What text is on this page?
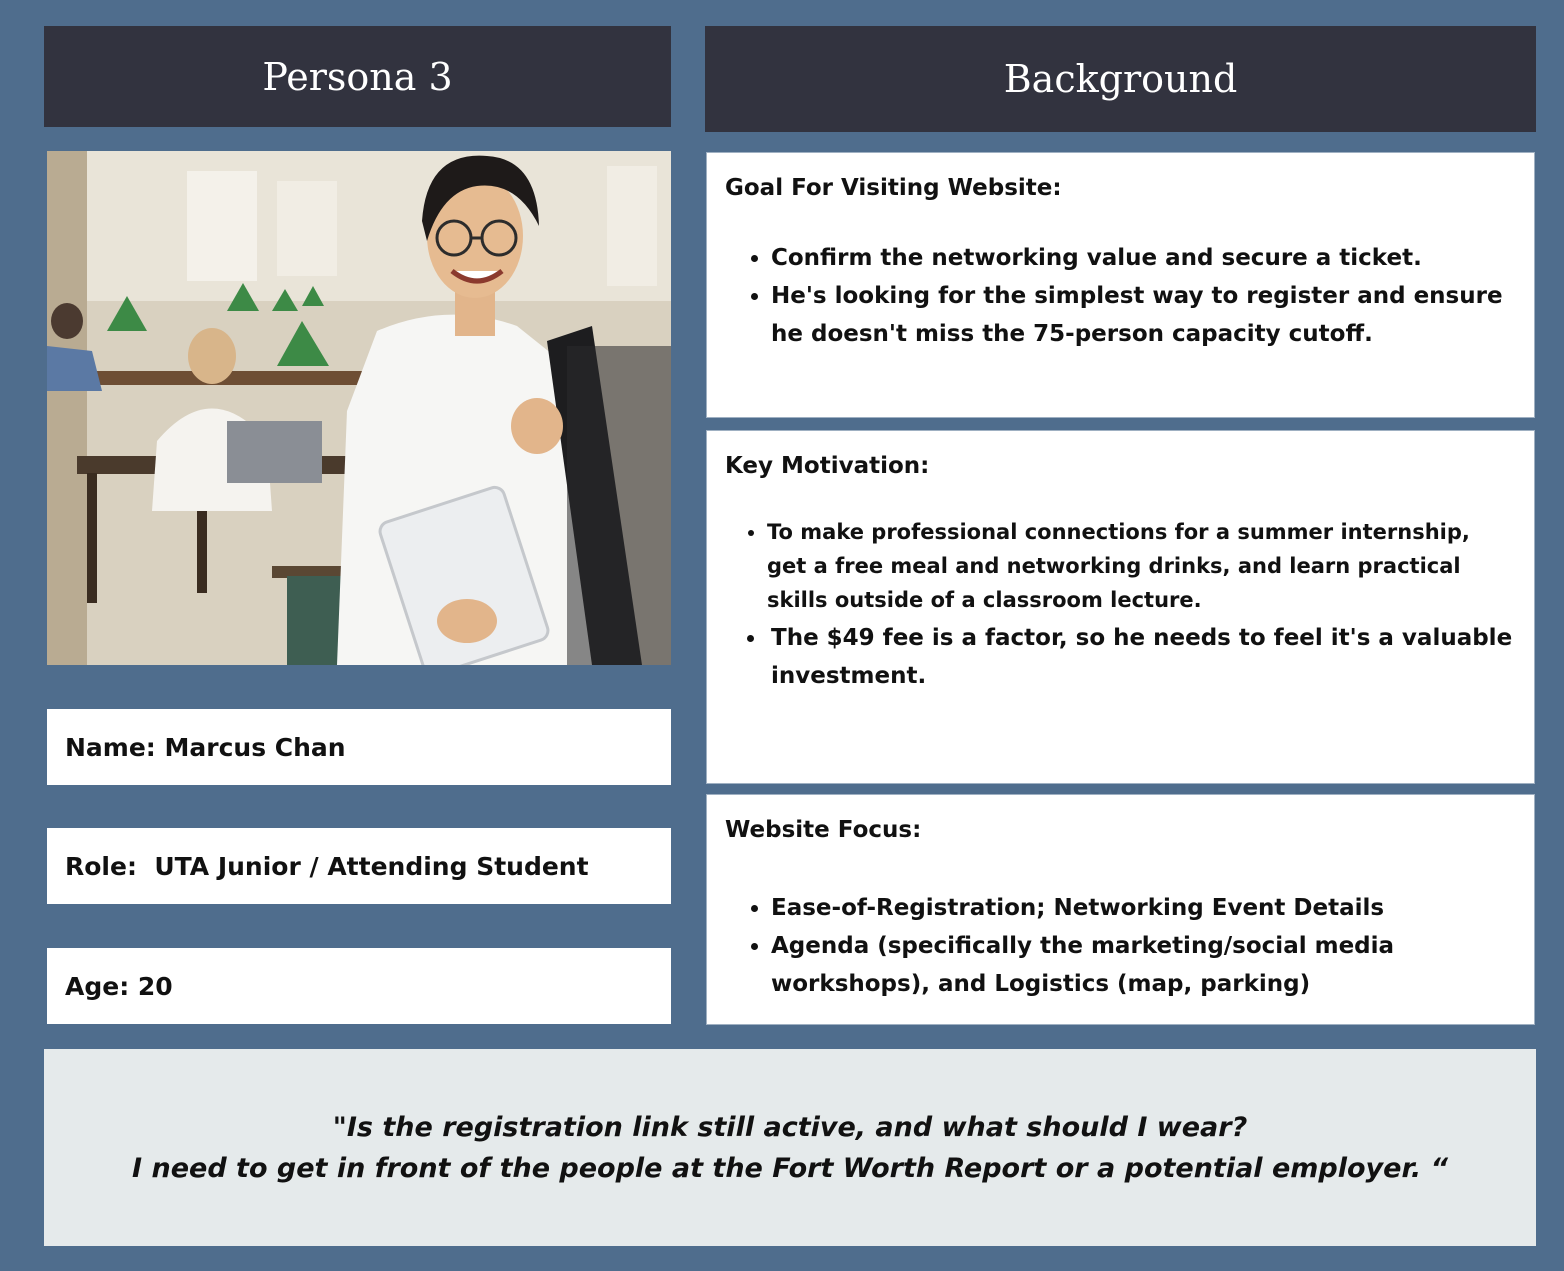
Persona 3	Background
Name: Marcus Chan
Role:  UTA Junior / Attending Student
Age: 20

Goal For Visiting Website:

• Confirm the networking value and secure a ticket.
• He's looking for the simplest way to register and ensure he doesn't miss the 75-person capacity cutoff.

Key Motivation:

• To make professional connections for a summer internship, get a free meal and networking drinks, and learn practical skills outside of a classroom lecture.
• The $49 fee is a factor, so he needs to feel it's a valuable investment.

Website Focus:

• Ease-of-Registration; Networking Event Details
• Agenda (specifically the marketing/social media workshops), and Logistics (map, parking)
"Is the registration link still active, and what should I wear?
I need to get in front of the people at the Fort Worth Report or a potential employer. “
